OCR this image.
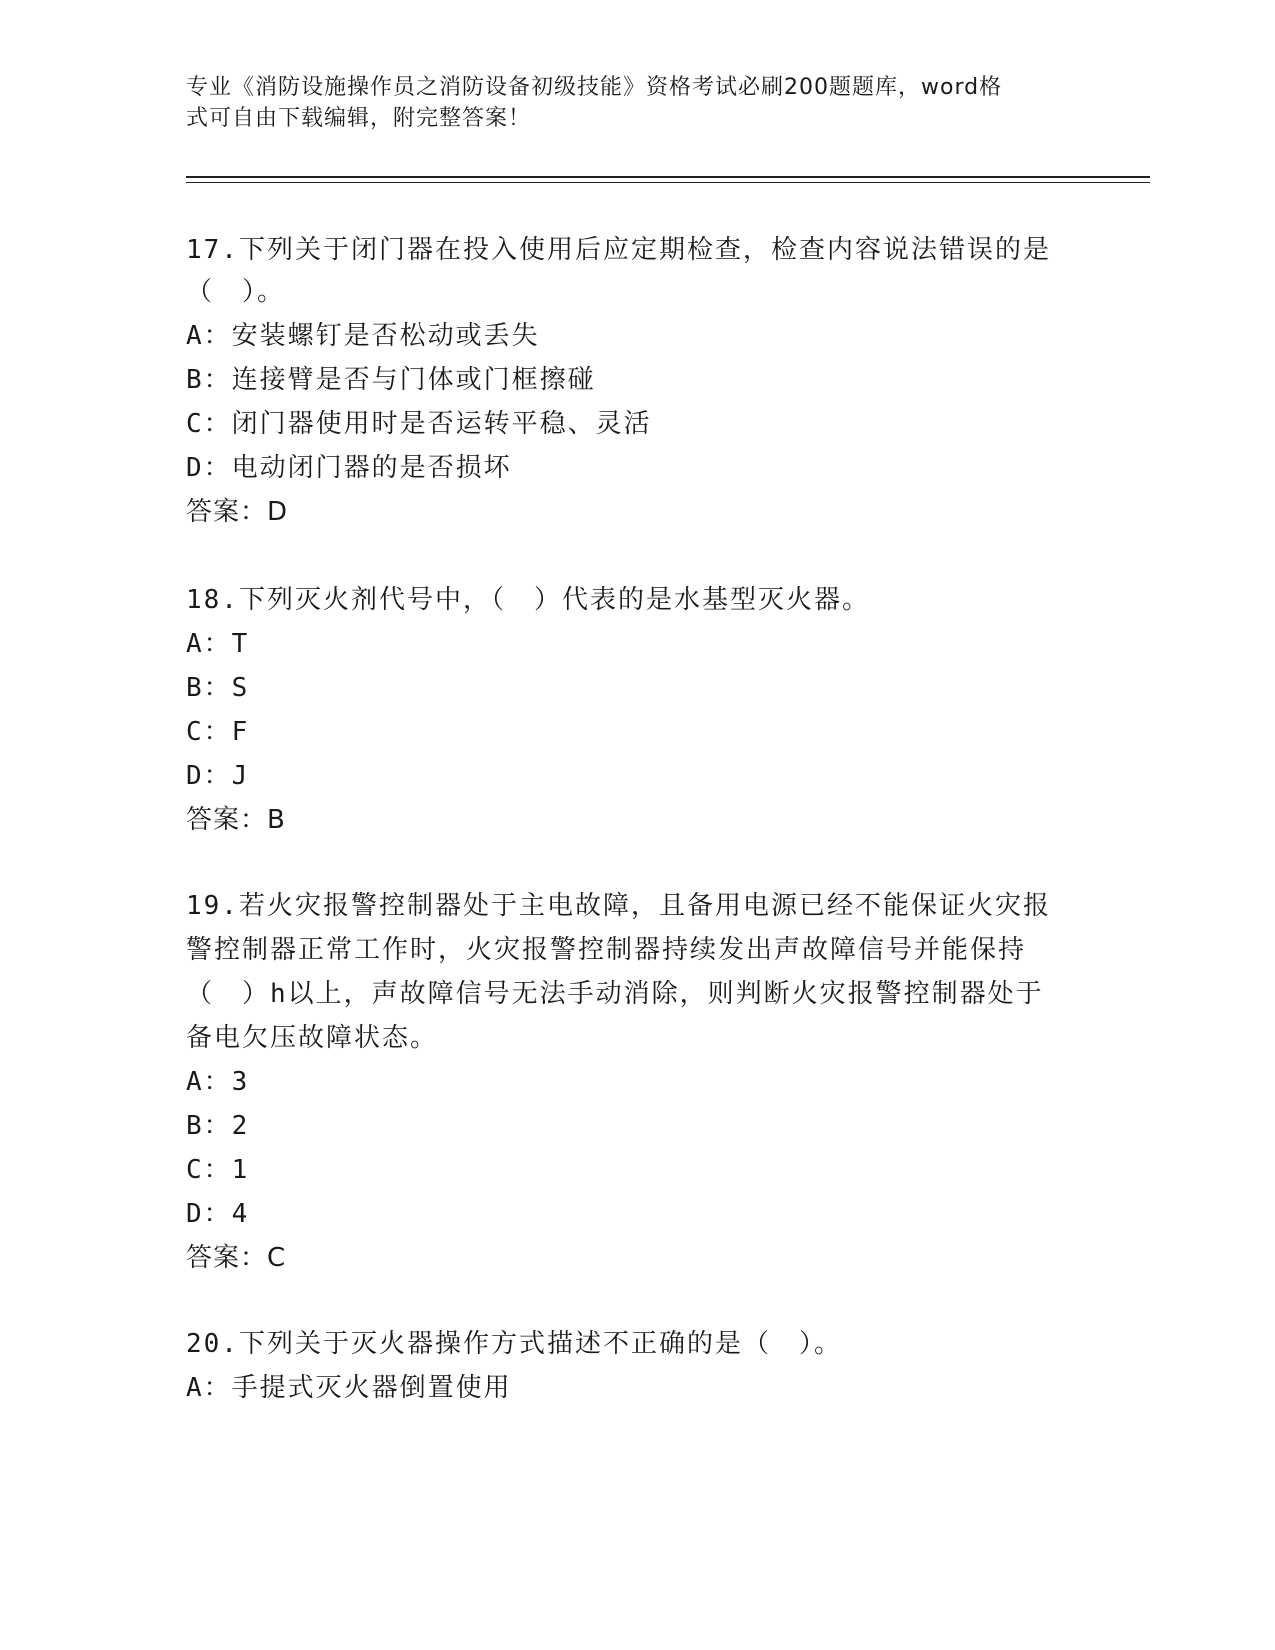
专业《消防设施操作员之消防设备初级技能》资格考试必刷200题题库，word格
式可自由下载编辑，附完整答案！
17.下列关于闭门器在投入使用后应定期检查，检查内容说法错误的是
（　）。
A：安装螺钉是否松动或丢失
B：连接臂是否与门体或门框擦碰
C：闭门器使用时是否运转平稳、灵活
D：电动闭门器的是否损坏
答案：D
18.下列灭火剂代号中，（　）代表的是水基型灭火器。
A：T
B：S
C：F
D：J
答案：B
19.若火灾报警控制器处于主电故障，且备用电源已经不能保证火灾报
警控制器正常工作时，火灾报警控制器持续发出声故障信号并能保持
（　）h以上，声故障信号无法手动消除，则判断火灾报警控制器处于
备电欠压故障状态。
A：3
B：2
C：1
D：4
答案：C
20.下列关于灭火器操作方式描述不正确的是（　）。
A：手提式灭火器倒置使用
